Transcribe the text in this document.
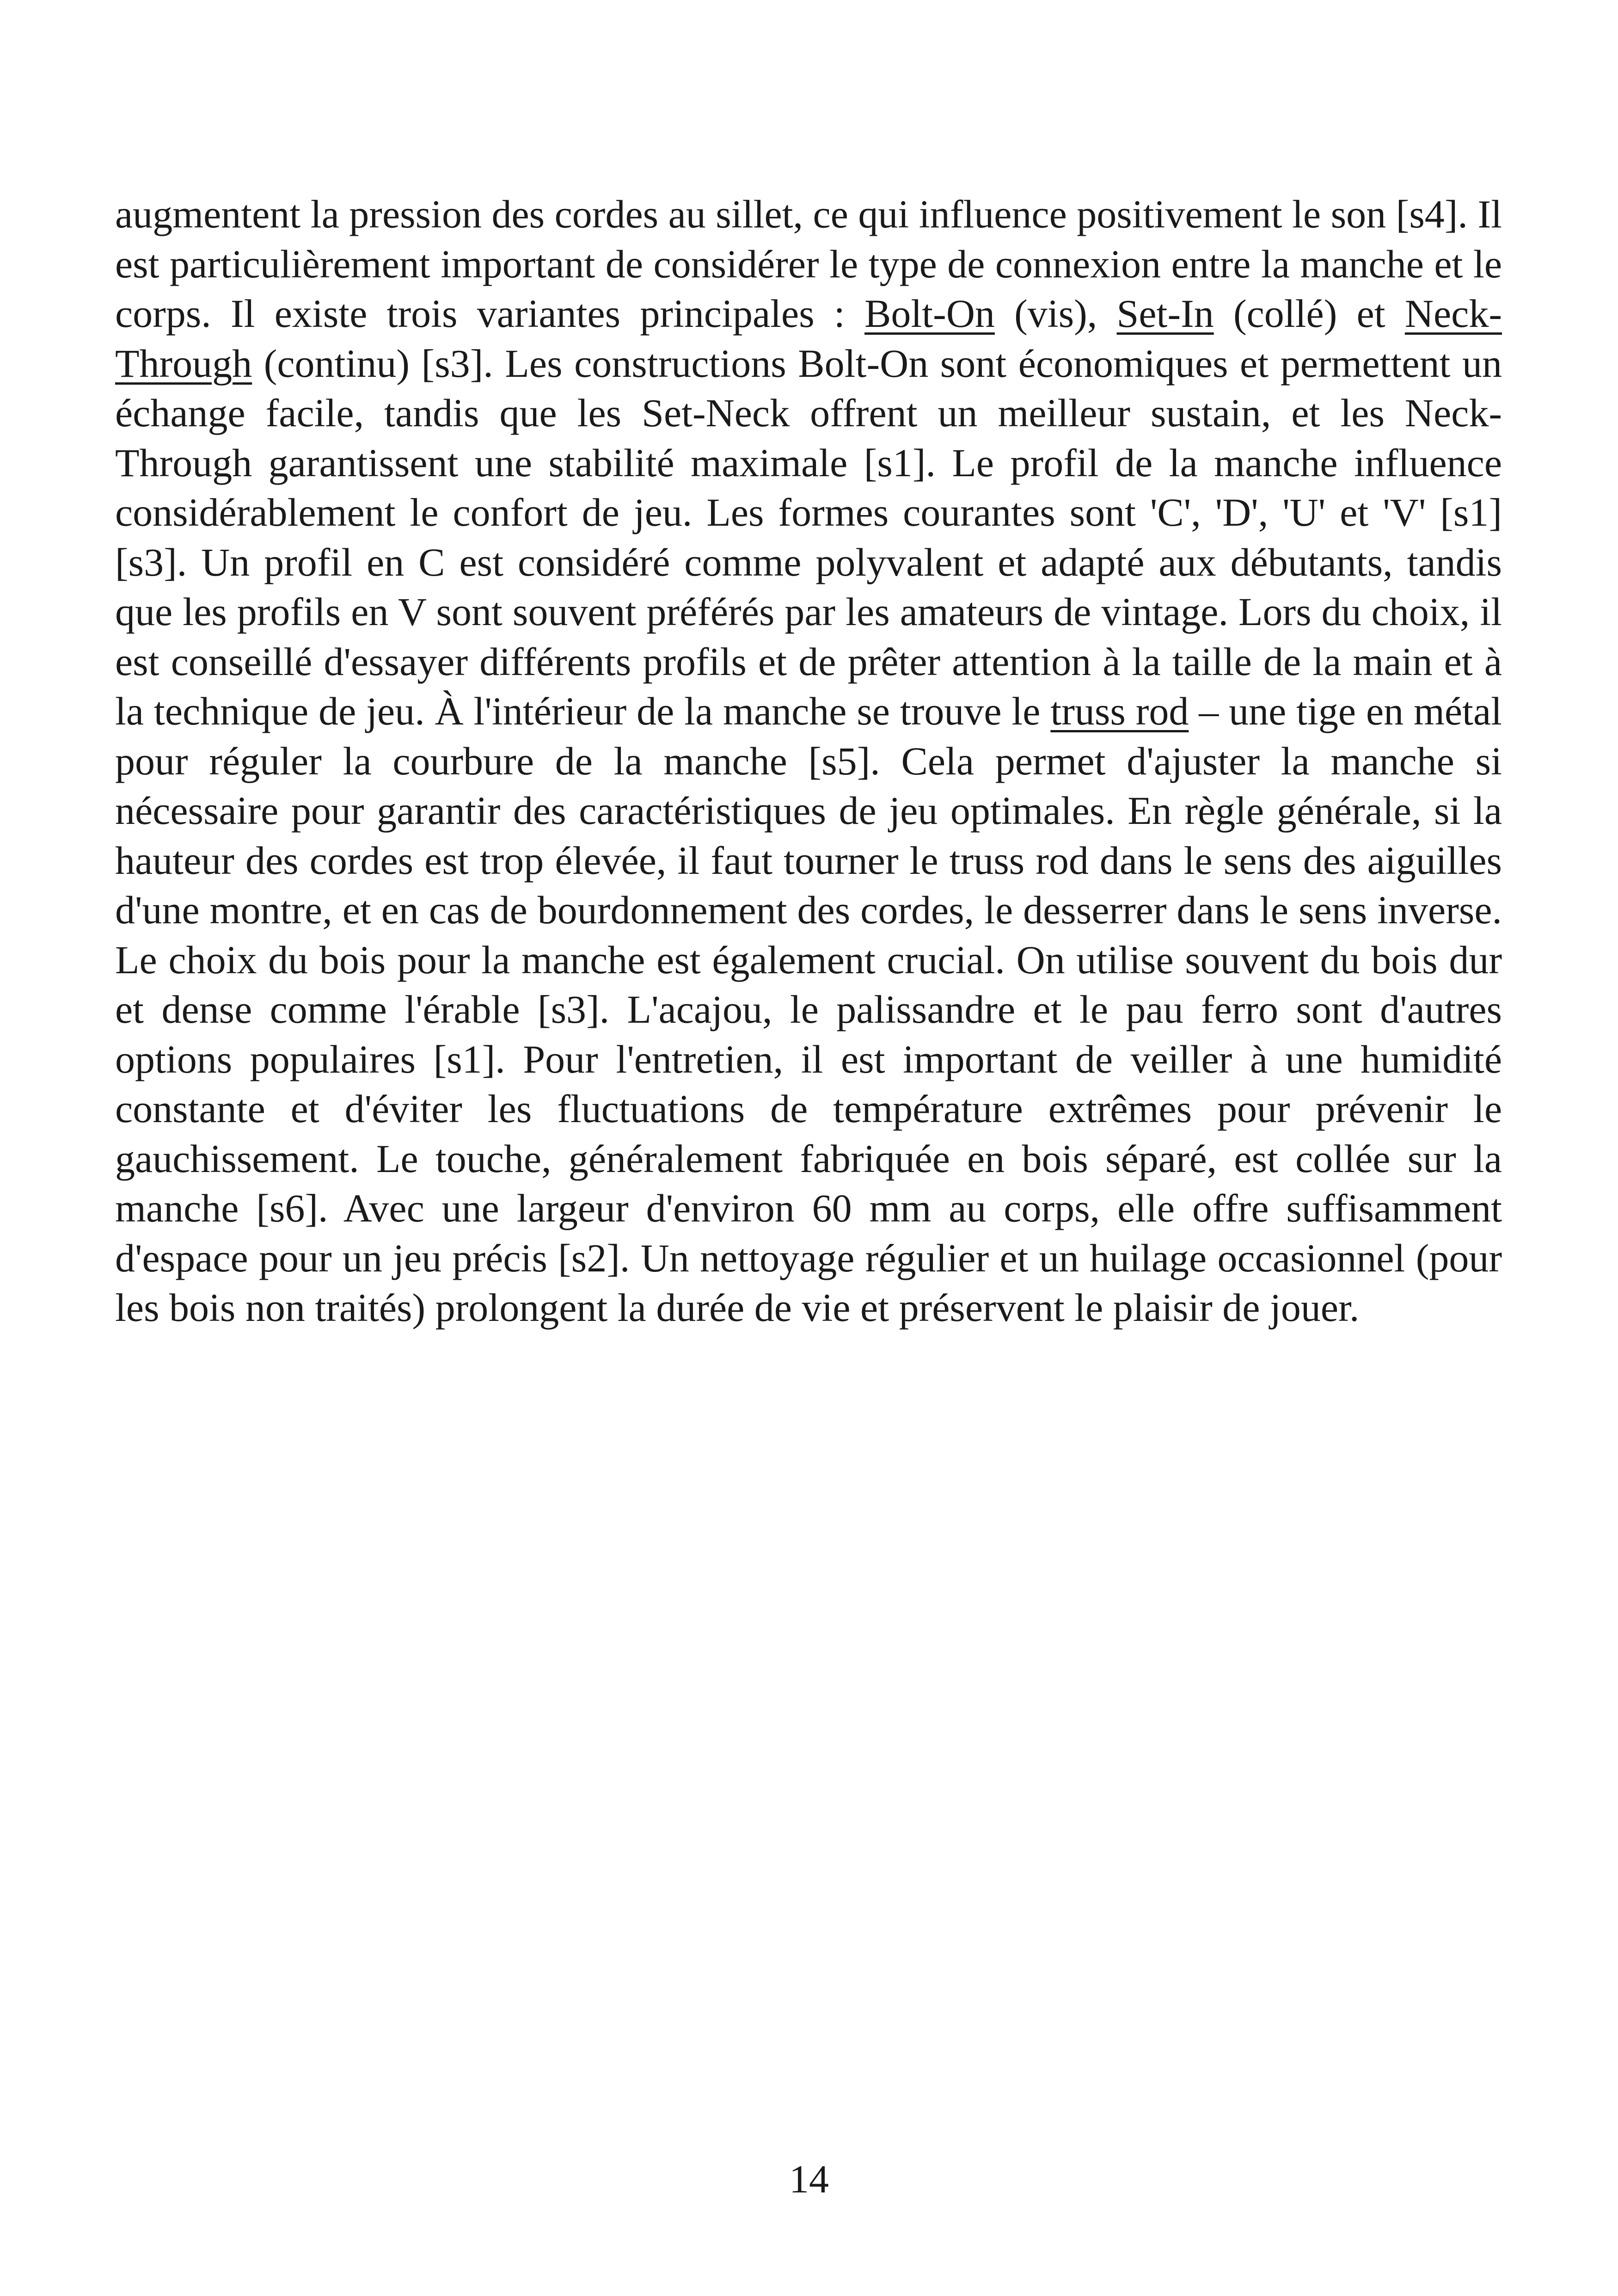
augmentent la pression des cordes au sillet, ce qui influence positivement le son [s4]. Il est particulièrement important de considérer le type de connexion entre la manche et le corps. Il existe trois variantes principales : Bolt-On (vis), Set-In (collé) et Neck-Through (continu) [s3]. Les constructions Bolt-On sont économiques et permettent un échange facile, tandis que les Set-Neck offrent un meilleur sustain, et les Neck-Through garantissent une stabilité maximale [s1]. Le profil de la manche influence considérablement le confort de jeu. Les formes courantes sont 'C', 'D', 'U' et 'V' [s1] [s3]. Un profil en C est considéré comme polyvalent et adapté aux débutants, tandis que les profils en V sont souvent préférés par les amateurs de vintage. Lors du choix, il est conseillé d'essayer différents profils et de prêter attention à la taille de la main et à la technique de jeu. À l'intérieur de la manche se trouve le truss rod – une tige en métal pour réguler la courbure de la manche [s5]. Cela permet d'ajuster la manche si nécessaire pour garantir des caractéristiques de jeu optimales. En règle générale, si la hauteur des cordes est trop élevée, il faut tourner le truss rod dans le sens des aiguilles d'une montre, et en cas de bourdonnement des cordes, le desserrer dans le sens inverse. Le choix du bois pour la manche est également crucial. On utilise souvent du bois dur et dense comme l'érable [s3]. L'acajou, le palissandre et le pau ferro sont d'autres options populaires [s1]. Pour l'entretien, il est important de veiller à une humidité constante et d'éviter les fluctuations de température extrêmes pour prévenir le gauchissement. Le touche, généralement fabriquée en bois séparé, est collée sur la manche [s6]. Avec une largeur d'environ 60 mm au corps, elle offre suffisamment d'espace pour un jeu précis [s2]. Un nettoyage régulier et un huilage occasionnel (pour les bois non traités) prolongent la durée de vie et préservent le plaisir de jouer.

14
